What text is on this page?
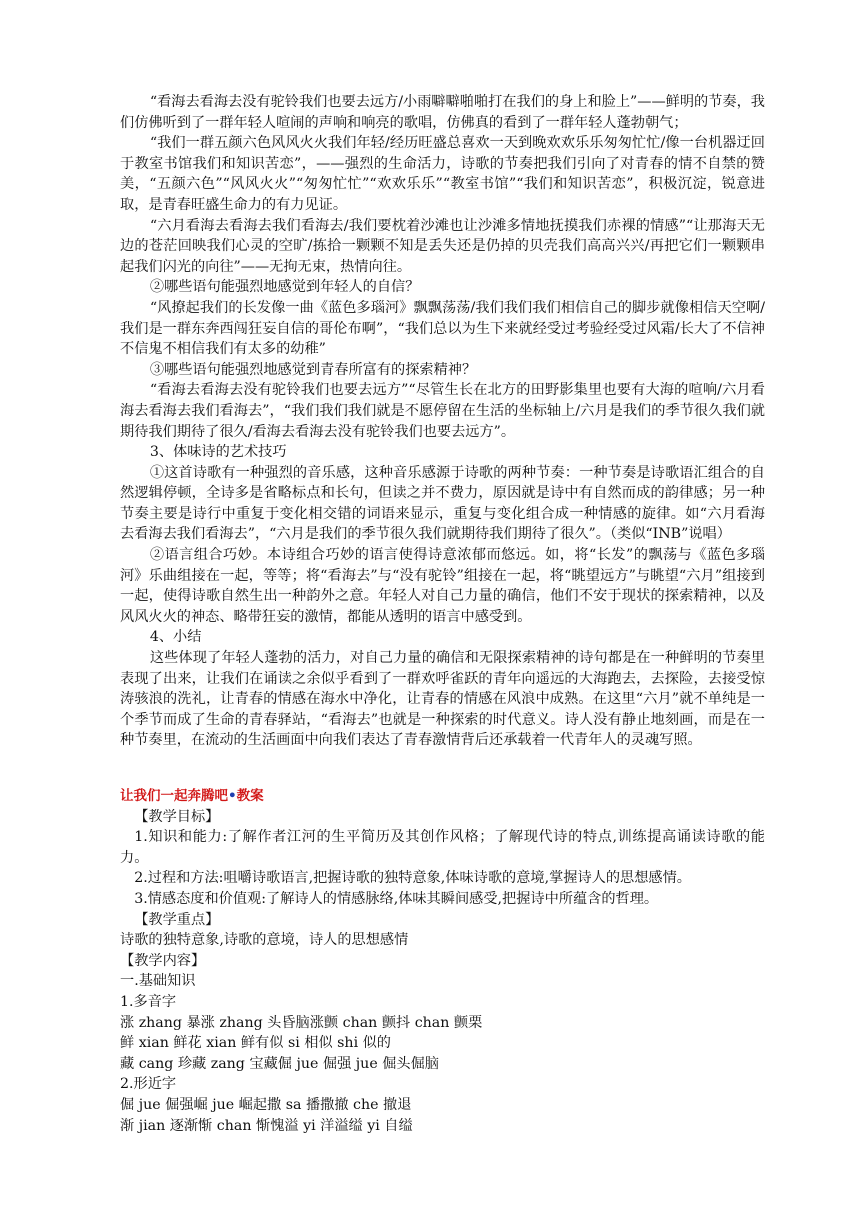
“看海去看海去没有驼铃我们也要去远方/小雨噼噼啪啪打在我们的身上和脸上”——鲜明的节奏，我们仿佛听到了一群年轻人喧闹的声响和响亮的歌唱，仿佛真的看到了一群年轻人蓬勃朝气；

“我们一群五颜六色风风火火我们年轻/经历旺盛总喜欢一天到晚欢欢乐乐匆匆忙忙/像一台机器迂回于教室书馆我们和知识苦恋”，——强烈的生命活力，诗歌的节奏把我们引向了对青春的情不自禁的赞美，“五颜六色”“风风火火”“匆匆忙忙”“欢欢乐乐”“教室书馆”“我们和知识苦恋”，积极沉淀，锐意进取，是青春旺盛生命力的有力见证。

“六月看海去看海去我们看海去/我们要枕着沙滩也让沙滩多情地抚摸我们赤裸的情感”“让那海天无边的苍茫回映我们心灵的空旷/拣拾一颗颗不知是丢失还是仍掉的贝壳我们高高兴兴/再把它们一颗颗串起我们闪光的向往”——无拘无束，热情向往。

②哪些语句能强烈地感觉到年轻人的自信？

“风撩起我们的长发像一曲《蓝色多瑙河》飘飘荡荡/我们我们我们相信自己的脚步就像相信天空啊/我们是一群东奔西闯狂妄自信的哥伦布啊”，“我们总以为生下来就经受过考验经受过风霜/长大了不信神不信鬼不相信我们有太多的幼稚”

③哪些语句能强烈地感觉到青春所富有的探索精神？

“看海去看海去没有驼铃我们也要去远方”“尽管生长在北方的田野影集里也要有大海的喧响/六月看海去看海去我们看海去”，“我们我们我们就是不愿停留在生活的坐标轴上/六月是我们的季节很久我们就期待我们期待了很久/看海去看海去没有驼铃我们也要去远方”。

3、体味诗的艺术技巧

①这首诗歌有一种强烈的音乐感，这种音乐感源于诗歌的两种节奏：一种节奏是诗歌语汇组合的自然逻辑停顿，全诗多是省略标点和长句，但读之并不费力，原因就是诗中有自然而成的韵律感；另一种节奏主要是诗行中重复于变化相交错的词语来显示，重复与变化组合成一种情感的旋律。如“六月看海去看海去我们看海去”，“六月是我们的季节很久我们就期待我们期待了很久”。（类似“INB”说唱）

②语言组合巧妙。本诗组合巧妙的语言使得诗意浓郁而悠远。如，将“长发”的飘荡与《蓝色多瑙河》乐曲组接在一起，等等；将“看海去”与“没有驼铃”组接在一起，将“眺望远方”与眺望“六月”组接到一起，使得诗歌自然生出一种韵外之意。年轻人对自己力量的确信，他们不安于现状的探索精神，以及风风火火的神态、略带狂妄的激情，都能从透明的语言中感受到。

4、小结

这些体现了年轻人蓬勃的活力，对自己力量的确信和无限探索精神的诗句都是在一种鲜明的节奏里表现了出来，让我们在诵读之余似乎看到了一群欢呼雀跃的青年向遥远的大海跑去，去探险，去接受惊涛骇浪的洗礼，让青春的情感在海水中净化，让青春的情感在风浪中成熟。在这里“六月”就不单纯是一个季节而成了生命的青春驿站，“看海去”也就是一种探索的时代意义。诗人没有静止地刻画，而是在一种节奏里，在流动的生活画面中向我们表达了青春激情背后还承载着一代青年人的灵魂写照。

让我们一起奔腾吧•教案

【教学目标】

1.知识和能力:了解作者江河的生平简历及其创作风格；了解现代诗的特点,训练提高诵读诗歌的能力。

2.过程和方法:咀嚼诗歌语言,把握诗歌的独特意象,体味诗歌的意境,掌握诗人的思想感情。

3.情感态度和价值观:了解诗人的情感脉络,体味其瞬间感受,把握诗中所蕴含的哲理。

【教学重点】

诗歌的独特意象,诗歌的意境，诗人的思想感情

【教学内容】

一.基础知识

1.多音字

涨 zhang 暴涨 zhang 头昏脑涨颤 chan 颤抖 chan 颤栗

鲜 xian 鲜花 xian 鲜有似 si 相似 shi 似的

藏 cang 珍藏 zang 宝藏倔 jue 倔强 jue 倔头倔脑

2.形近字

倔 jue 倔强崛 jue 崛起撒 sa 播撒撤 che 撤退

渐 jian 逐渐惭 chan 惭愧溢 yi 洋溢缢 yi 自缢
